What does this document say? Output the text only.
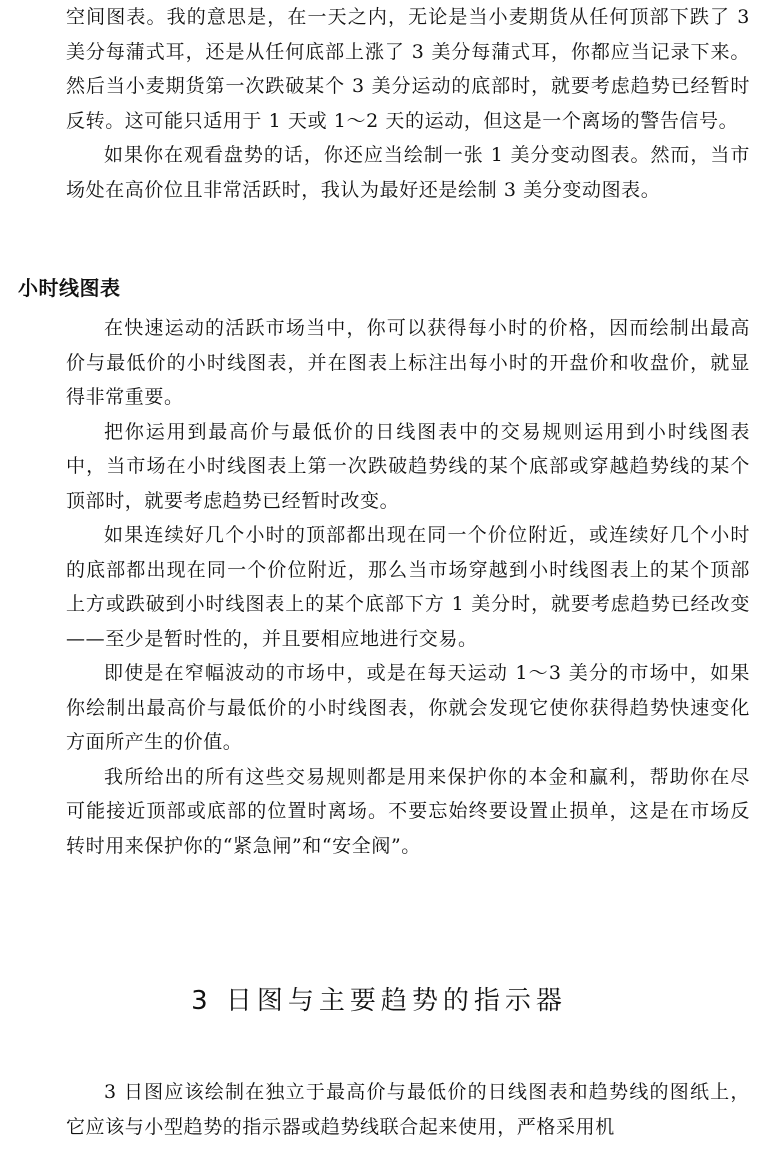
空间图表。我的意思是，在一天之内，无论是当小麦期货从任何顶部下跌了 3 美分每蒲式耳，还是从任何底部上涨了 3 美分每蒲式耳，你都应当记录下来。然后当小麦期货第一次跌破某个 3 美分运动的底部时，就要考虑趋势已经暂时反转。这可能只适用于 1 天或 1～2 天的运动，但这是一个离场的警告信号。

如果你在观看盘势的话，你还应当绘制一张 1 美分变动图表。然而，当市场处在高价位且非常活跃时，我认为最好还是绘制 3 美分变动图表。

小时线图表

在快速运动的活跃市场当中，你可以获得每小时的价格，因而绘制出最高价与最低价的小时线图表，并在图表上标注出每小时的开盘价和收盘价，就显得非常重要。

把你运用到最高价与最低价的日线图表中的交易规则运用到小时线图表中，当市场在小时线图表上第一次跌破趋势线的某个底部或穿越趋势线的某个顶部时，就要考虑趋势已经暂时改变。

如果连续好几个小时的顶部都出现在同一个价位附近，或连续好几个小时的底部都出现在同一个价位附近，那么当市场穿越到小时线图表上的某个顶部上方或跌破到小时线图表上的某个底部下方 1 美分时，就要考虑趋势已经改变——至少是暂时性的，并且要相应地进行交易。

即使是在窄幅波动的市场中，或是在每天运动 1～3 美分的市场中，如果你绘制出最高价与最低价的小时线图表，你就会发现它使你获得趋势快速变化方面所产生的价值。

我所给出的所有这些交易规则都是用来保护你的本金和赢利，帮助你在尽可能接近顶部或底部的位置时离场。不要忘始终要设置止损单，这是在市场反转时用来保护你的“紧急闸”和“安全阀”。

3 日图与主要趋势的指示器

3 日图应该绘制在独立于最高价与最低价的日线图表和趋势线的图纸上，它应该与小型趋势的指示器或趋势线联合起来使用，严格采用机
